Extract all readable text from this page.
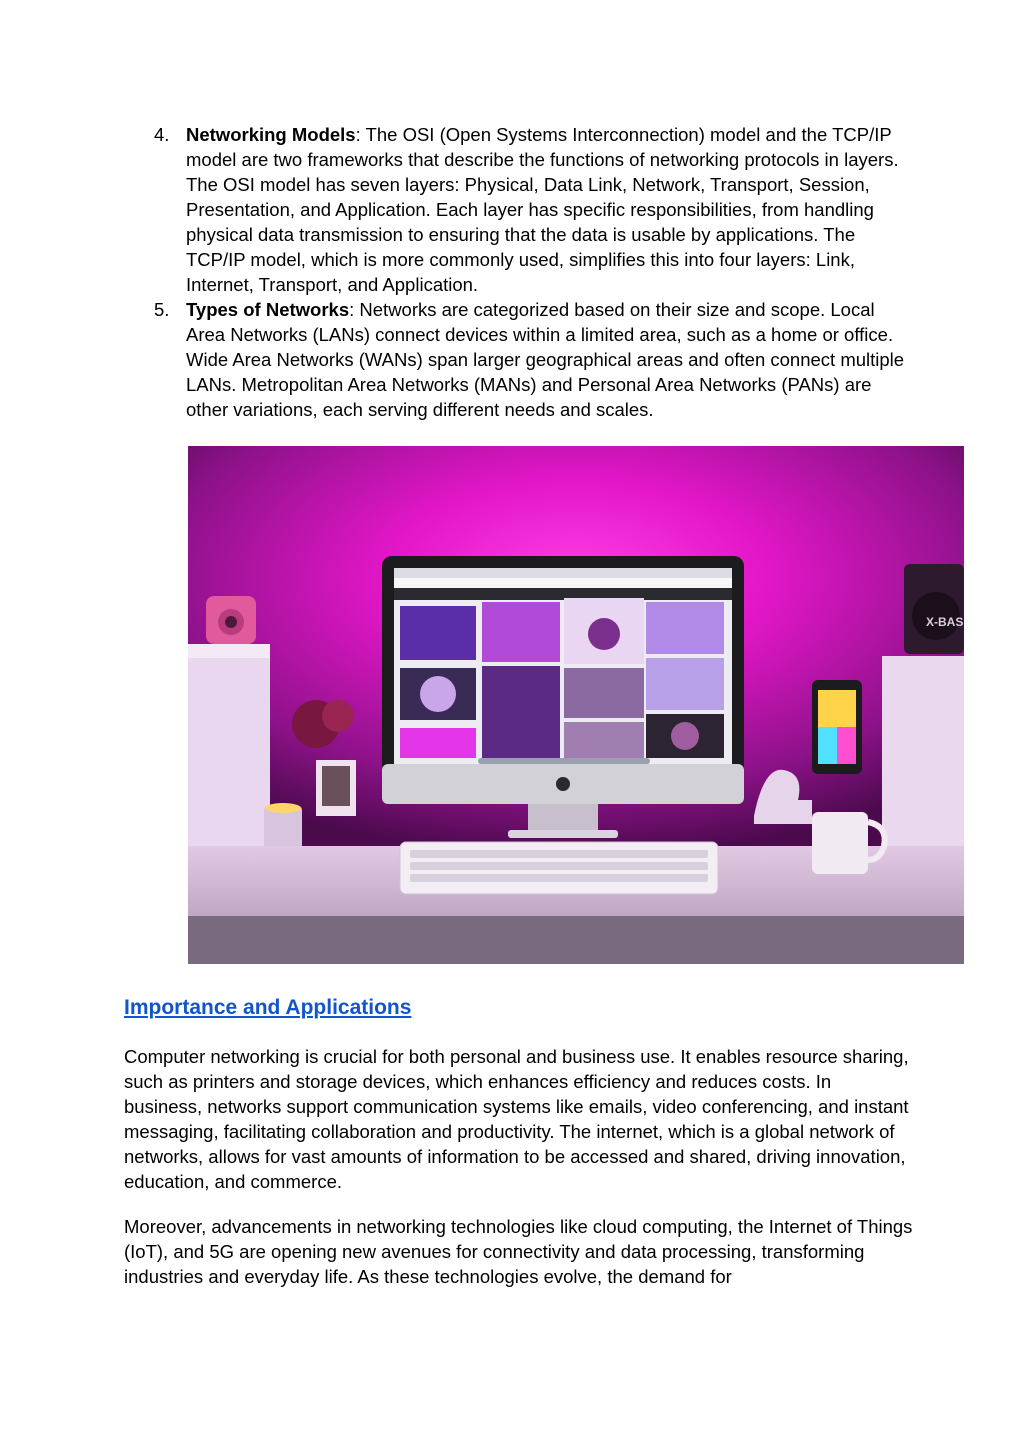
4. Networking Models: The OSI (Open Systems Interconnection) model and the TCP/IP model are two frameworks that describe the functions of networking protocols in layers. The OSI model has seven layers: Physical, Data Link, Network, Transport, Session, Presentation, and Application. Each layer has specific responsibilities, from handling physical data transmission to ensuring that the data is usable by applications. The TCP/IP model, which is more commonly used, simplifies this into four layers: Link, Internet, Transport, and Application.
5. Types of Networks: Networks are categorized based on their size and scope. Local Area Networks (LANs) connect devices within a limited area, such as a home or office. Wide Area Networks (WANs) span larger geographical areas and often connect multiple LANs. Metropolitan Area Networks (MANs) and Personal Area Networks (PANs) are other variations, each serving different needs and scales.
X-BAS
Importance and Applications

Computer networking is crucial for both personal and business use. It enables resource sharing, such as printers and storage devices, which enhances efficiency and reduces costs. In business, networks support communication systems like emails, video conferencing, and instant messaging, facilitating collaboration and productivity. The internet, which is a global network of networks, allows for vast amounts of information to be accessed and shared, driving innovation, education, and commerce.

Moreover, advancements in networking technologies like cloud computing, the Internet of Things (IoT), and 5G are opening new avenues for connectivity and data processing, transforming industries and everyday life. As these technologies evolve, the demand for
